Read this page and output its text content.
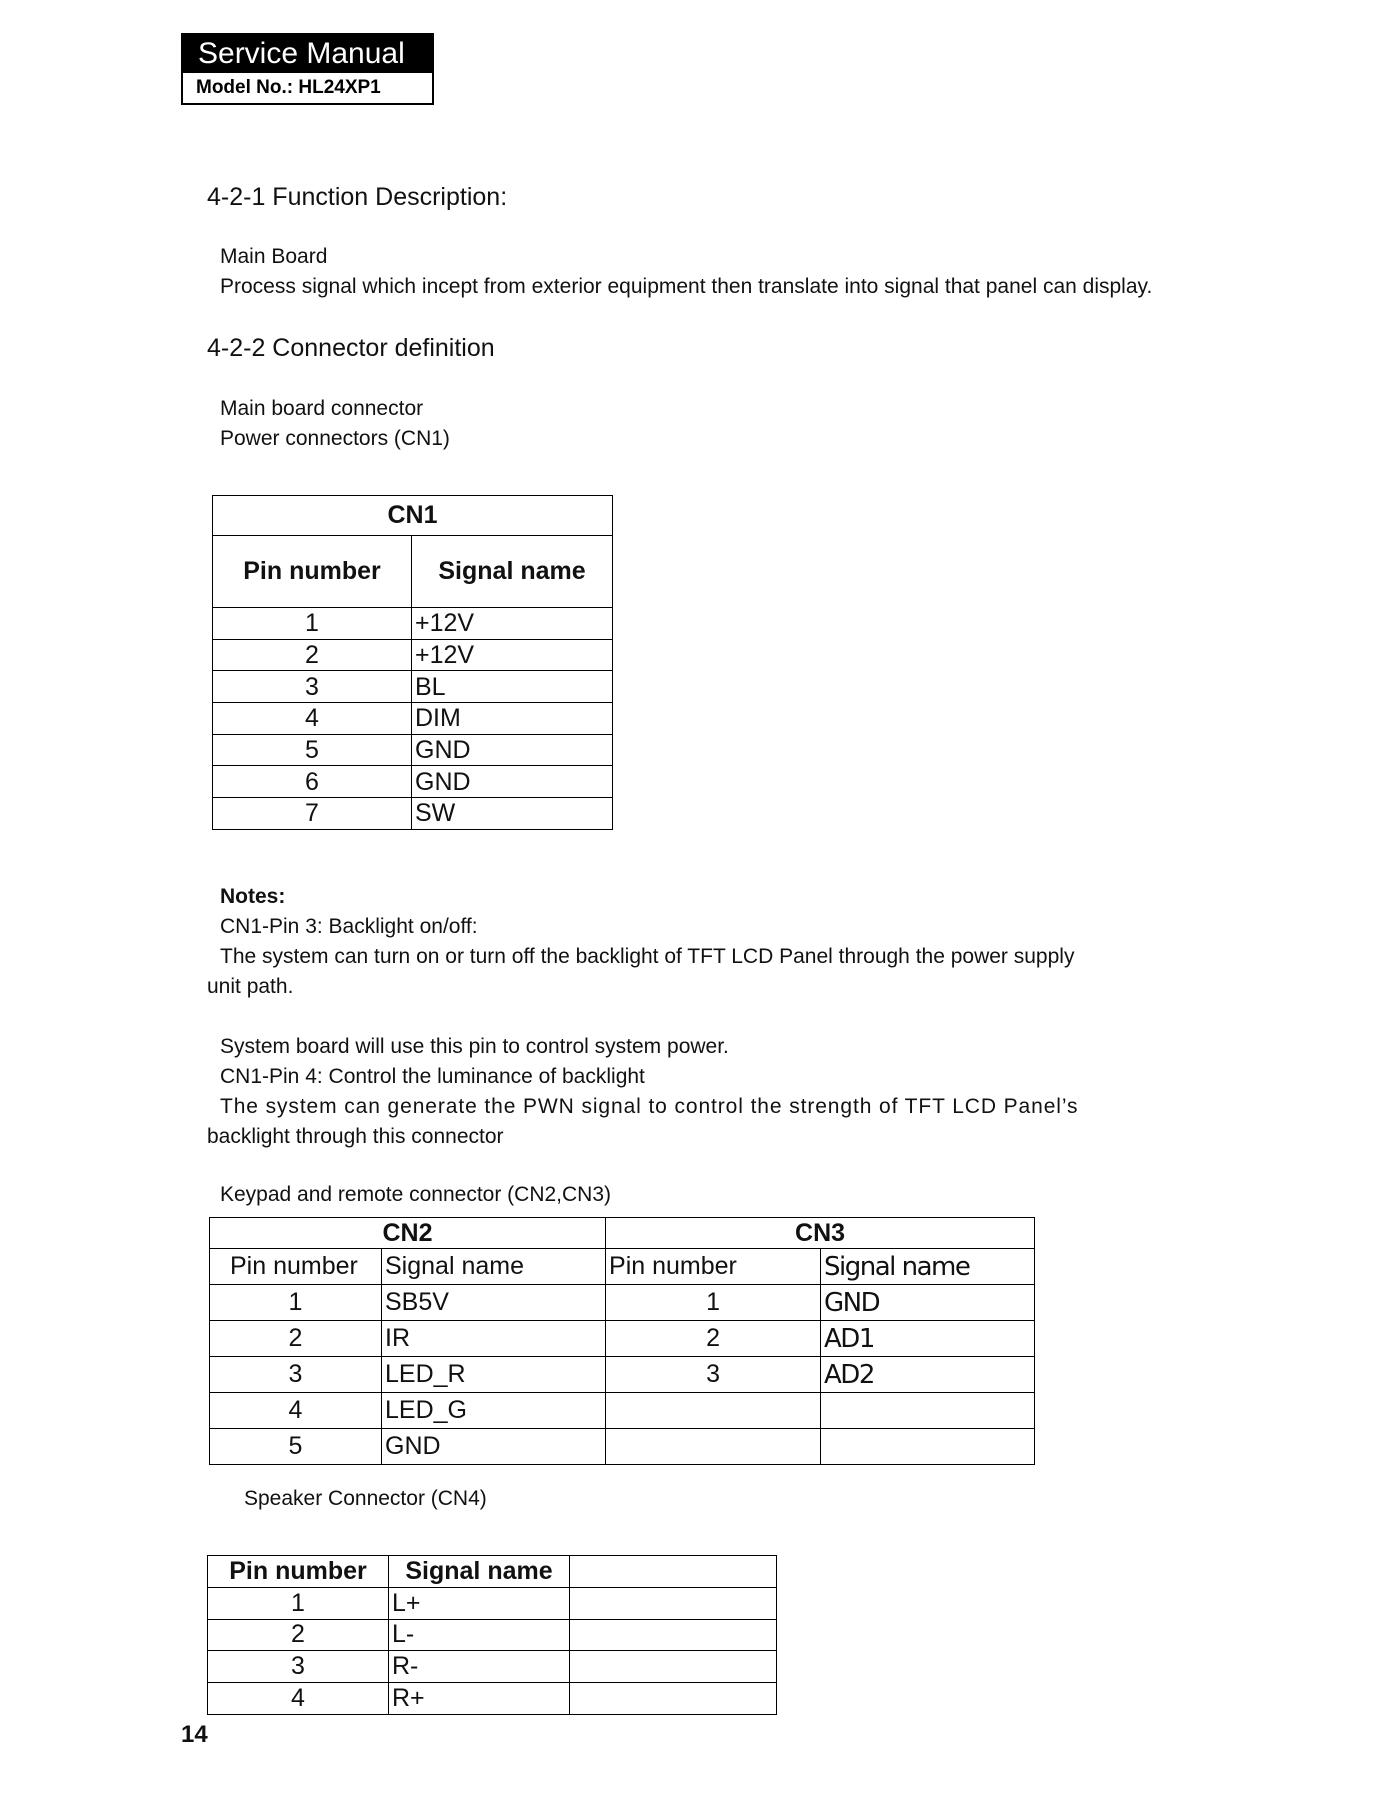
Service Manual
Model No.: HL24XP1
4-2-1 Function Description:
Main Board
Process signal which incept from exterior equipment then translate into signal that panel can display.
4-2-2 Connector definition
Main board connector
Power connectors (CN1)
CN1	
Pin number	Signal name
1	+12V
2	+12V
3	BL
4	DIM
5	GND
6	GND
7	SW
Notes:
CN1-Pin 3: Backlight on/off:
The system can turn on or turn off the backlight of TFT LCD Panel through the power supply
unit path.
System board will use this pin to control system power.
CN1-Pin 4: Control the luminance of backlight
The system can generate the PWN signal to control the strength of TFT LCD Panel’s
backlight through this connector
Keypad and remote connector (CN2,CN3)
CN2		CN3	
Pin number	Signal name	Pin number	Signal name
1	SB5V	1	GND
2	IR	2	AD1
3	LED_R	3	AD2
4	LED_G		
5	GND		
Speaker Connector (CN4)
Pin number	Signal name	
1	L+	
2	L-	
3	R-	
4	R+	
14
